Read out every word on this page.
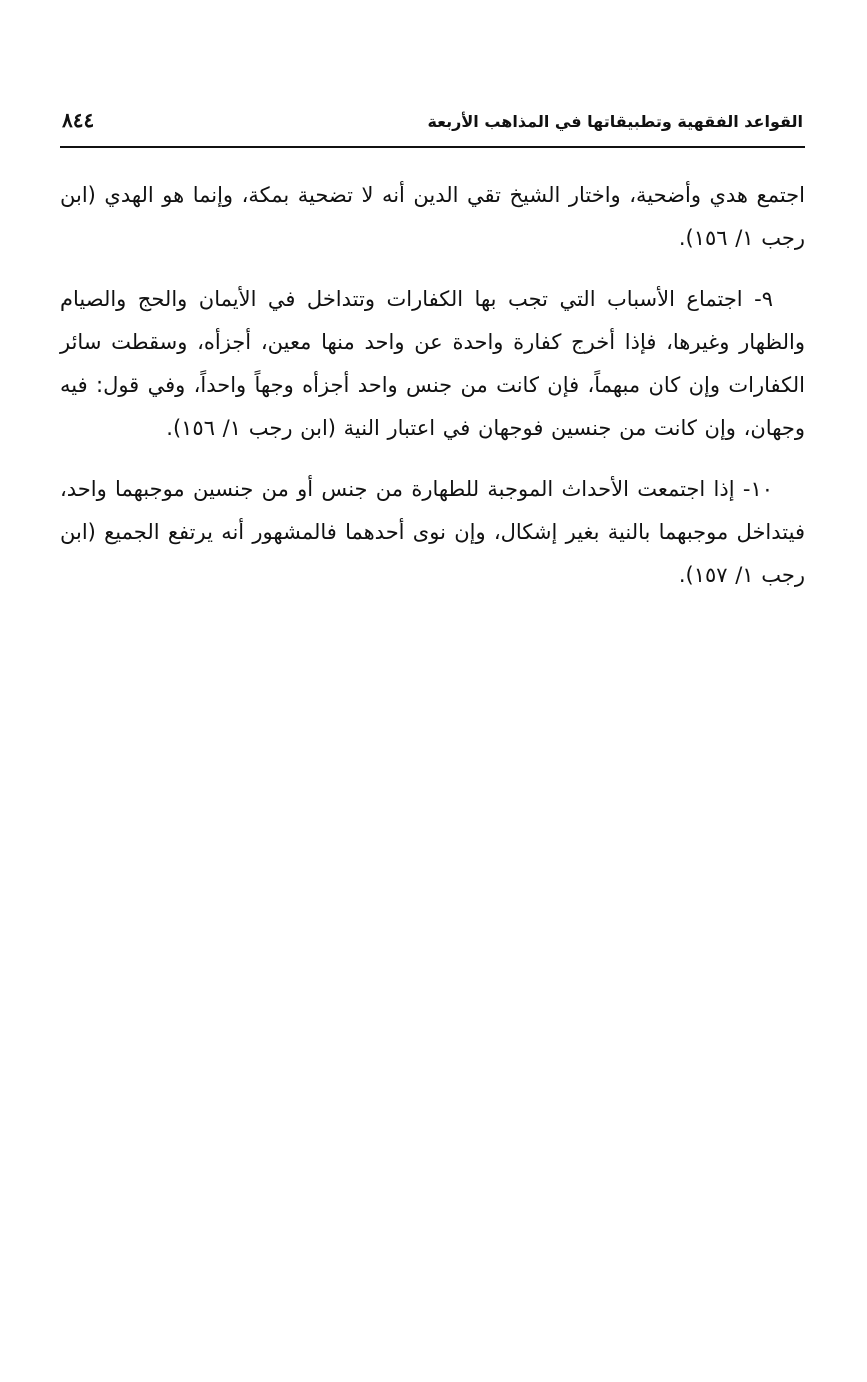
القواعد الفقهية وتطبيقاتها في المذاهب الأربعة
٨٤٤

اجتمع هدي وأضحية، واختار الشيخ تقي الدين أنه لا تضحية بمكة، وإنما هو الهدي (ابن رجب ١/ ١٥٦).

٩- اجتماع الأسباب التي تجب بها الكفارات وتتداخل في الأيمان والحج والصيام والظهار وغيرها، فإذا أخرج كفارة واحدة عن واحد منها معين، أجزأه، وسقطت سائر الكفارات وإن كان مبهماً، فإن كانت من جنس واحد أجزأه وجهاً واحداً، وفي قول: فيه وجهان، وإن كانت من جنسين فوجهان في اعتبار النية (ابن رجب ١/ ١٥٦).

١٠- إذا اجتمعت الأحداث الموجبة للطهارة من جنس أو من جنسين موجبهما واحد، فيتداخل موجبهما بالنية بغير إشكال، وإن نوى أحدهما فالمشهور أنه يرتفع الجميع (ابن رجب ١/ ١٥٧).
